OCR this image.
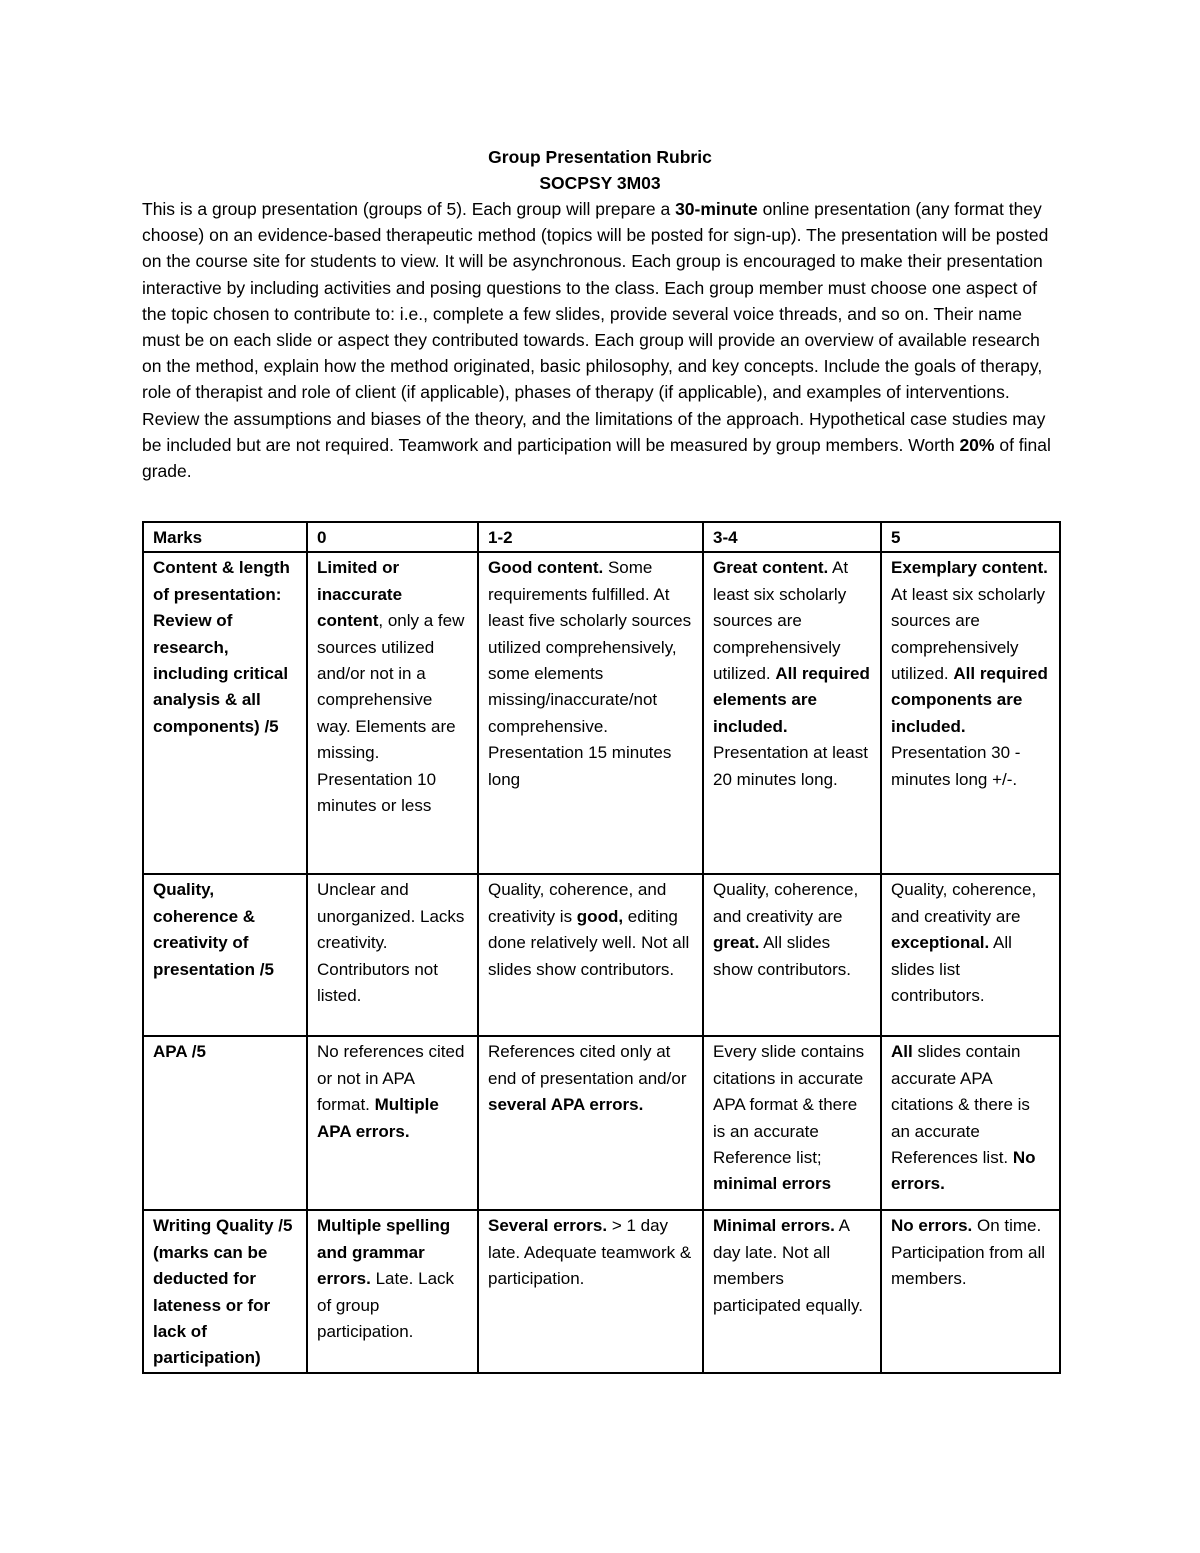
Group Presentation Rubric
SOCPSY 3M03

This is a group presentation (groups of 5). Each group will prepare a 30-minute online presentation (any format they choose) on an evidence-based therapeutic method (topics will be posted for sign-up). The presentation will be posted on the course site for students to view. It will be asynchronous. Each group is encouraged to make their presentation interactive by including activities and posing questions to the class. Each group member must choose one aspect of the topic chosen to contribute to: i.e., complete a few slides, provide several voice threads, and so on. Their name must be on each slide or aspect they contributed towards. Each group will provide an overview of available research on the method, explain how the method originated, basic philosophy, and key concepts. Include the goals of therapy, role of therapist and role of client (if applicable), phases of therapy (if applicable), and examples of interventions. Review the assumptions and biases of the theory, and the limitations of the approach. Hypothetical case studies may be included but are not required. Teamwork and participation will be measured by group members. Worth 20% of final grade.

Marks	0	1-2	3-4	5
Content & length of presentation: Review of research, including critical analysis & all components) /5	Limited or inaccurate content, only a few sources utilized and/or not in a comprehensive way. Elements are missing. Presentation 10 minutes or less	Good content. Some requirements fulfilled. At least five scholarly sources utilized comprehensively, some elements missing/inaccurate/not comprehensive. Presentation 15 minutes long	Great content. At least six scholarly sources are comprehensively utilized. All required elements are included. Presentation at least 20 minutes long.	Exemplary content. At least six scholarly sources are comprehensively utilized. All required components are included. Presentation 30 - minutes long +/-.
Quality, coherence & creativity of presentation /5	Unclear and unorganized. Lacks creativity. Contributors not listed.	Quality, coherence, and creativity is good, editing done relatively well. Not all slides show contributors.	Quality, coherence, and creativity are great. All slides show contributors.	Quality, coherence, and creativity are exceptional. All slides list contributors.
APA /5	No references cited or not in APA format. Multiple APA errors.	References cited only at end of presentation and/or several APA errors.	Every slide contains citations in accurate APA format & there is an accurate Reference list; minimal errors	All slides contain accurate APA citations & there is an accurate References list. No errors.
Writing Quality /5 (marks can be deducted for lateness or for lack of participation)	Multiple spelling and grammar errors. Late. Lack of group participation.	Several errors. > 1 day late. Adequate teamwork & participation.	Minimal errors. A day late. Not all members participated equally.	No errors. On time. Participation from all members.
